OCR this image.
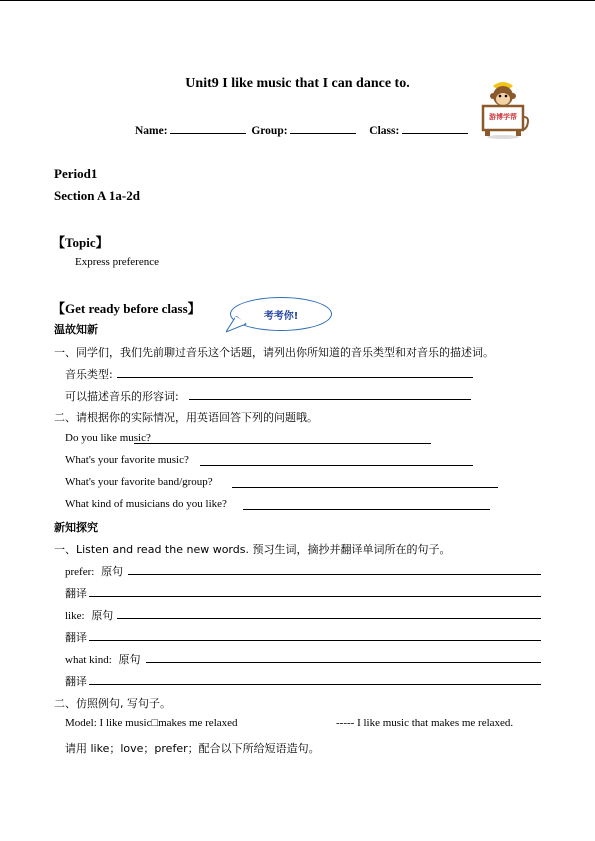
Unit9 I like music that I can dance to.
游博学帮
Name:	Group:	Class:
Period1
Section A 1a-2d
【Topic】
Express preference
【Get ready before class】
考考你!
温故知新
一、同学们，我们先前聊过音乐这个话题，请列出你所知道的音乐类型和对音乐的描述词。
音乐类型:
可以描述音乐的形容词:
二、请根据你的实际情况，用英语回答下列的问题哦。
Do you like music?
What's your favorite music?
What's your favorite band/group?
What kind of musicians do you like?
新知探究
一、Listen and read the new words. 预习生词，摘抄并翻译单词所在的句子。
prefer: 原句
翻译
like: 原句
翻译
what kind: 原句
翻译
二、仿照例句, 写句子。
Model: I like music□makes me relaxed	----- I like music that makes me relaxed.
请用 like；love；prefer；配合以下所给短语造句。
